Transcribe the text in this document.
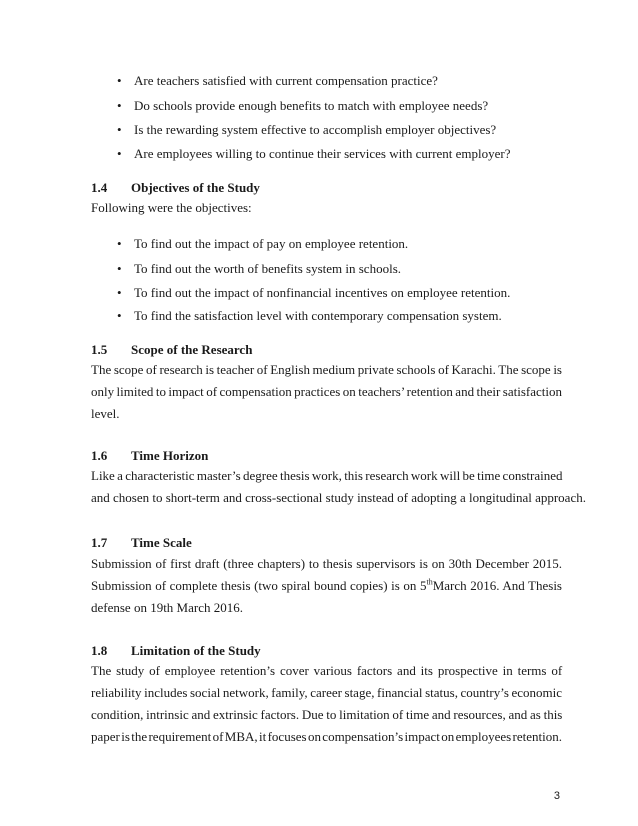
• Are teachers satisfied with current compensation practice?
• Do schools provide enough benefits to match with employee needs?
• Is the rewarding system effective to accomplish employer objectives?
• Are employees willing to continue their services with current employer?
1.4 Objectives of the Study
Following were the objectives:
• To find out the impact of pay on employee retention.
• To find out the worth of benefits system in schools.
• To find out the impact of nonfinancial incentives on employee retention.
• To find the satisfaction level with contemporary compensation system.
1.5 Scope of the Research
The scope of research is teacher of English medium private schools of Karachi. The scope is
only limited to impact of compensation practices on teachers’ retention and their satisfaction
level.
1.6 Time Horizon
Like a characteristic master’s degree thesis work, this research work will be time constrained
and chosen to short-term and cross-sectional study instead of adopting a longitudinal approach.
1.7 Time Scale
Submission of first draft (three chapters) to thesis supervisors is on 30th December 2015.
Submission of complete thesis (two spiral bound copies) is on 5thMarch 2016. And Thesis
defense on 19th March 2016.
1.8 Limitation of the Study
The study of employee retention’s cover various factors and its prospective in terms of
reliability includes social network, family, career stage, financial status, country’s economic
condition, intrinsic and extrinsic factors. Due to limitation of time and resources, and as this
paper is the requirement of MBA, it focuses on compensation’s impact on employees retention.
3
